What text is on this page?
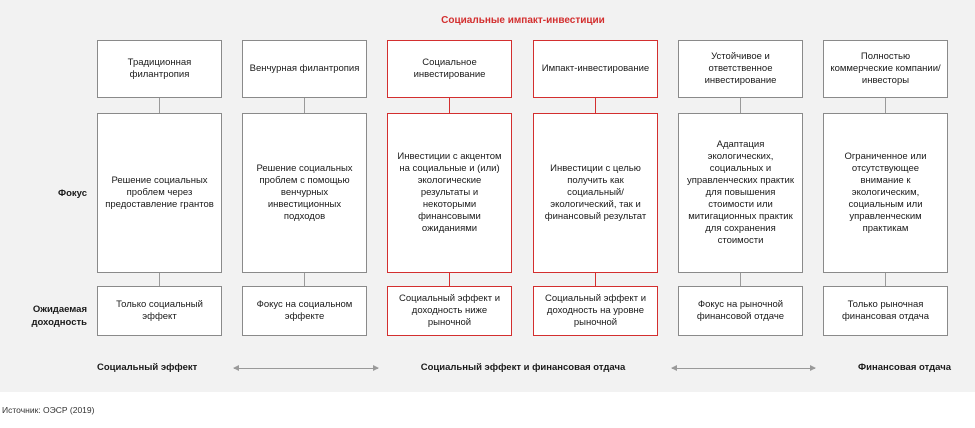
Социальные импакт-инвестиции
Фокус
Ожидаемая доходность
Традиционная филантропия
Решение социальных проблем через предоставление грантов
Только социальный эффект
Венчурная филантропия
Решение социальных проблем с помощью венчурных инвестиционных подходов
Фокус на социальном эффекте
Социальное инвестирование
Инвестиции с акцентом на социальные и (или) экологические результаты и некоторыми финансовыми ожиданиями
Социальный эффект и доходность ниже рыночной
Импакт-инвестирование
Инвестиции с целью получить как социальный/ экологический, так и финансовый результат
Социальный эффект и доходность на уровне рыночной
Устойчивое и ответственное инвестирование
Адаптация экологических, социальных и управленческих практик для повышения стоимости или митигационных практик для сохранения стоимости
Фокус на рыночной финансовой отдаче
Полностью коммерческие компании/инвесторы
Ограниченное или отсутствующее внимание к экологическим, социальным или управленческим практикам
Только рыночная финансовая отдача
Социальный эффект	Социальный эффект и финансовая отдача	Финансовая отдача
Источник: ОЭСР (2019)
